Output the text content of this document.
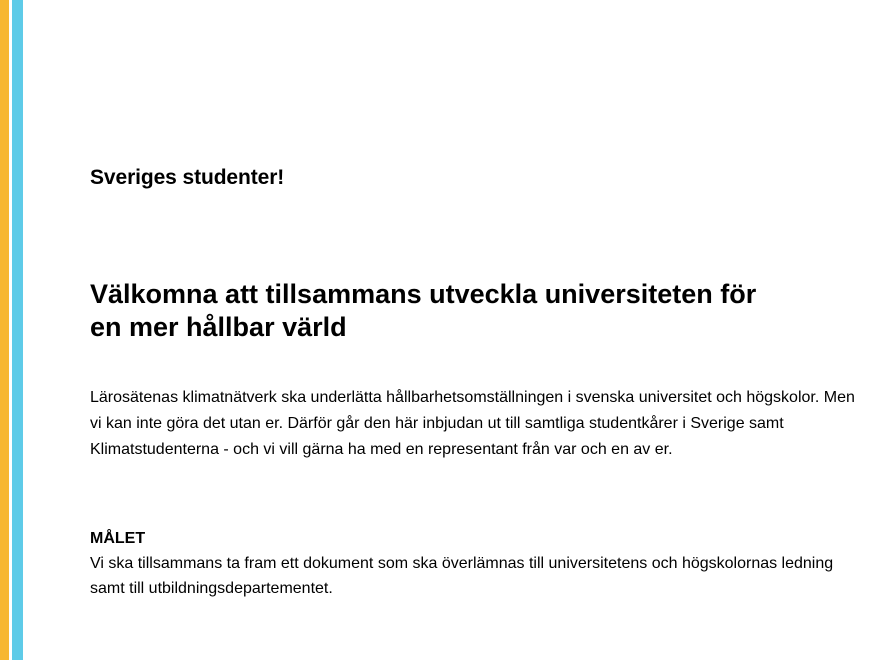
Sveriges studenter!
Välkomna att tillsammans utveckla universiteten för en mer hållbar värld

Lärosätenas klimatnätverk ska underlätta hållbarhetsomställningen i svenska universitet och högskolor. Men vi kan inte göra det utan er. Därför går den här inbjudan ut till samtliga studentkårer i Sverige samt Klimatstudenterna - och vi vill gärna ha med en representant från var och en av er.

MÅLET

Vi ska tillsammans ta fram ett dokument som ska överlämnas till universitetens och högskolornas ledning samt till utbildningsdepartementet.
